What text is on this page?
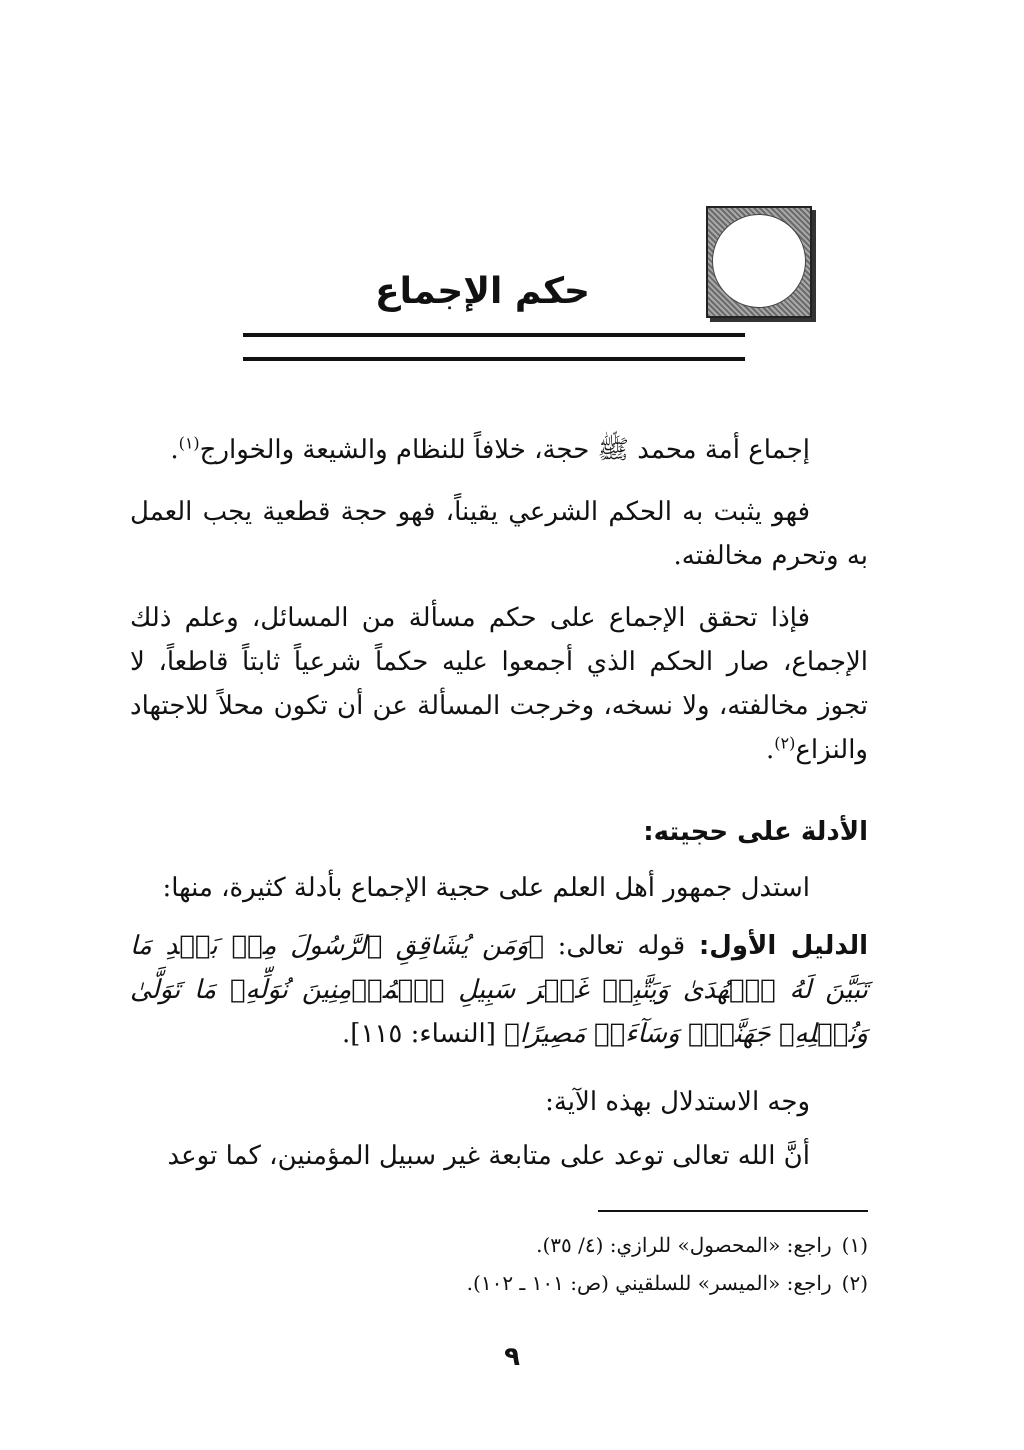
حكم الإجماع

إجماع أمة محمد ﷺ حجة، خلافاً للنظام والشيعة والخوارج$^{(١)}$.

فهو يثبت به الحكم الشرعي يقيناً، فهو حجة قطعية يجب العمل به وتحرم مخالفته.

فإذا تحقق الإجماع على حكم مسألة من المسائل، وعلم ذلك الإجماع، صار الحكم الذي أجمعوا عليه حكماً شرعياً ثابتاً قاطعاً، لا تجوز مخالفته، ولا نسخه، وخرجت المسألة عن أن تكون محلاً للاجتهاد والنزاع$^{(٢)}$.

الأدلة على حجيته:

استدل جمهور أهل العلم على حجية الإجماع بأدلة كثيرة، منها:

الدليل الأول: قوله تعالى: ﴿وَمَن يُشَاقِقِ ٱلرَّسُولَ مِنۢ بَعۡدِ مَا تَبَيَّنَ لَهُ ٱلۡهُدَىٰ وَيَتَّبِعۡ غَيۡرَ سَبِيلِ ٱلۡمُؤۡمِنِينَ نُوَلِّهِۦ مَا تَوَلَّىٰ وَنُصۡلِهِۦ جَهَنَّمَۖ وَسَآءَتۡ مَصِيرًا﴾ [النساء: ١١٥].

وجه الاستدلال بهذه الآية:

أنَّ الله تعالى توعد على متابعة غير سبيل المؤمنين، كما توعد

(١)راجع: «المحصول» للرازي: (٤/ ٣٥).

(٢)راجع: «الميسر» للسلقيني (ص: ١٠١ ـ ١٠٢).

٩
